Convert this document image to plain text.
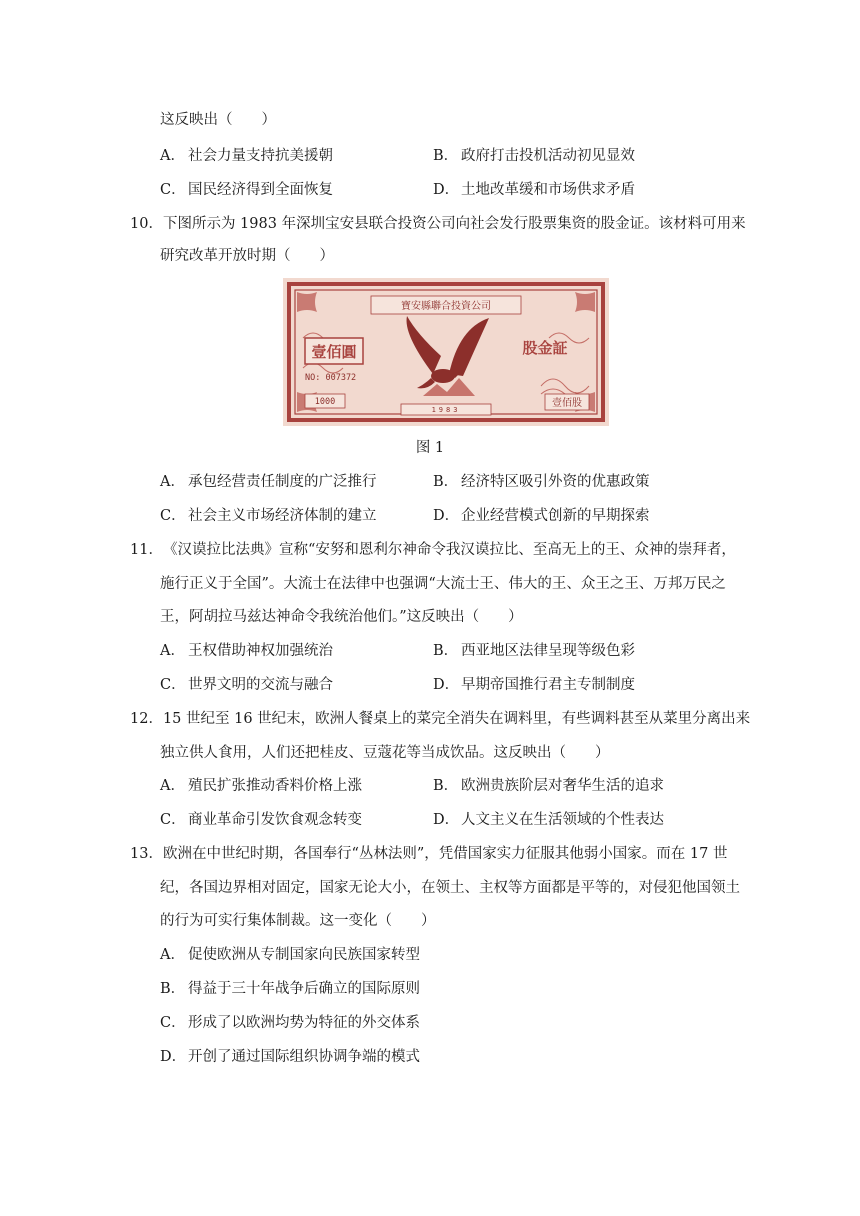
这反映出（　　）
A． 社会力量支持抗美援朝	B． 政府打击投机活动初见显效
C． 国民经济得到全面恢复	D． 土地改革缓和市场供求矛盾
10．下图所示为 1983 年深圳宝安县联合投资公司向社会发行股票集资的股金证。该材料可用来
研究改革开放时期（　　）
寶安縣聯合投資公司
壹佰圓	股金証
NO: 007372
1000
1983
壹佰股
图 1
A． 承包经营责任制度的广泛推行	B． 经济特区吸引外资的优惠政策
C． 社会主义市场经济体制的建立	D． 企业经营模式创新的早期探索
11．《汉谟拉比法典》宣称“安努和恩利尔神命令我汉谟拉比、至高无上的王、众神的崇拜者，
施行正义于全国”。大流士在法律中也强调“大流士王、伟大的王、众王之王、万邦万民之
王，阿胡拉马兹达神命令我统治他们。”这反映出（　　）
A． 王权借助神权加强统治	B． 西亚地区法律呈现等级色彩
C． 世界文明的交流与融合	D． 早期帝国推行君主专制制度
12．15 世纪至 16 世纪末，欧洲人餐桌上的菜完全消失在调料里，有些调料甚至从菜里分离出来
独立供人食用，人们还把桂皮、豆蔻花等当成饮品。这反映出（　　）
A． 殖民扩张推动香料价格上涨	B． 欧洲贵族阶层对奢华生活的追求
C． 商业革命引发饮食观念转变	D． 人文主义在生活领域的个性表达
13．欧洲在中世纪时期，各国奉行“丛林法则”，凭借国家实力征服其他弱小国家。而在 17 世
纪，各国边界相对固定，国家无论大小，在领土、主权等方面都是平等的，对侵犯他国领土
的行为可实行集体制裁。这一变化（　　）
A． 促使欧洲从专制国家向民族国家转型
B． 得益于三十年战争后确立的国际原则
C． 形成了以欧洲均势为特征的外交体系
D． 开创了通过国际组织协调争端的模式
